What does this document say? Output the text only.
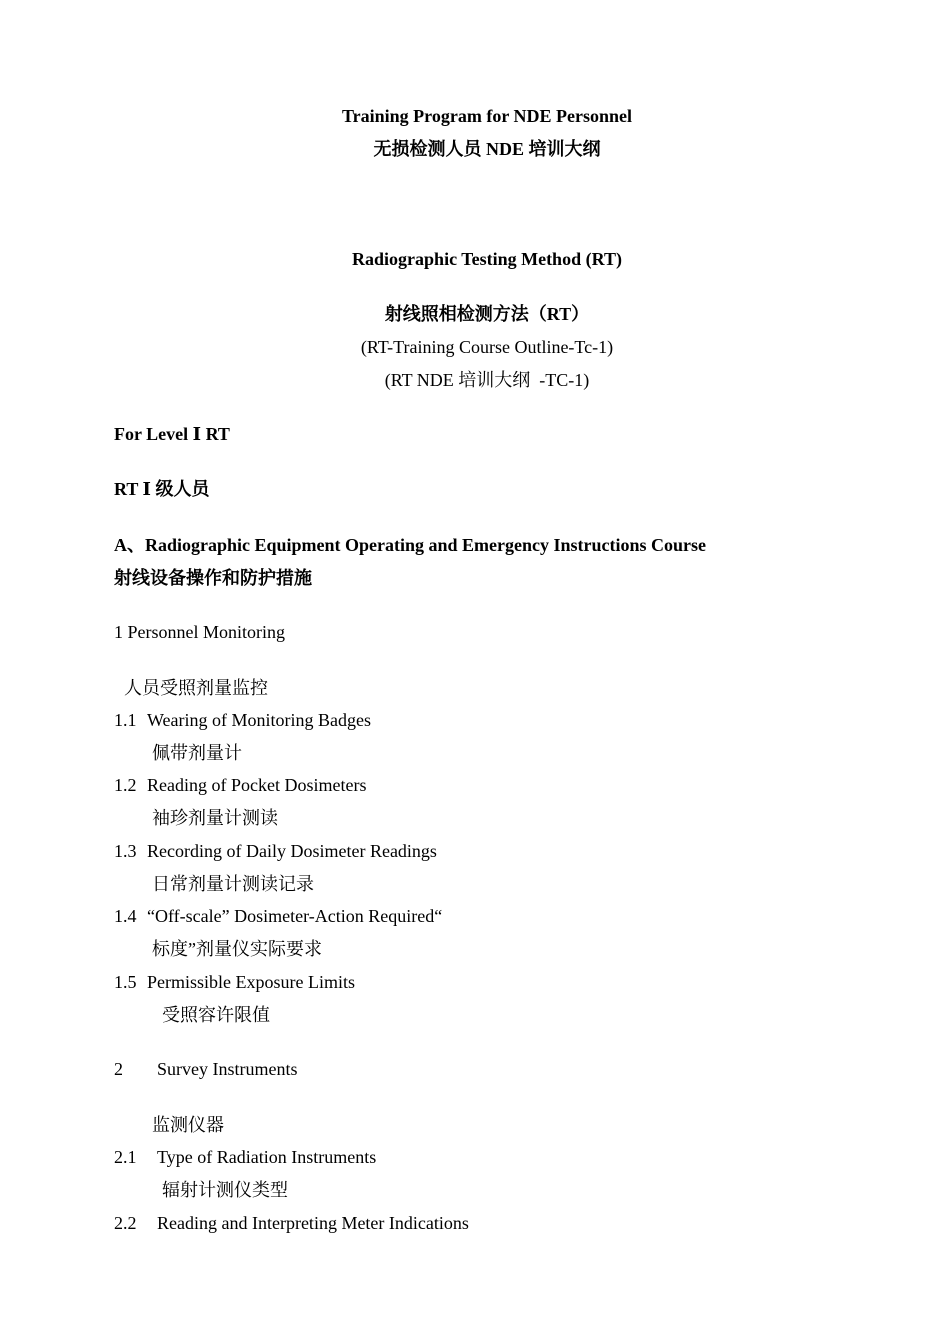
Training Program for NDE Personnel
无损检测人员 NDE 培训大纲
Radiographic Testing Method (RT)
射线照相检测方法（RT）
(RT-Training Course Outline-Tc-1)
(RT NDE 培训大纲  -TC-1)
For Level Ⅰ RT
RT Ⅰ 级人员
A、Radiographic Equipment Operating and Emergency Instructions Course
射线设备操作和防护措施
1 Personnel Monitoring
人员受照剂量监控
1.1 Wearing of Monitoring Badges
佩带剂量计
1.2 Reading of Pocket Dosimeters
袖珍剂量计测读
1.3 Recording of Daily Dosimeter Readings
日常剂量计测读记录
1.4 “Off-scale” Dosimeter-Action Required“
标度”剂量仪实际要求
1.5 Permissible Exposure Limits
受照容许限值
2 Survey Instruments
监测仪器
2.1 Type of Radiation Instruments
辐射计测仪类型
2.2 Reading and Interpreting Meter Indications
